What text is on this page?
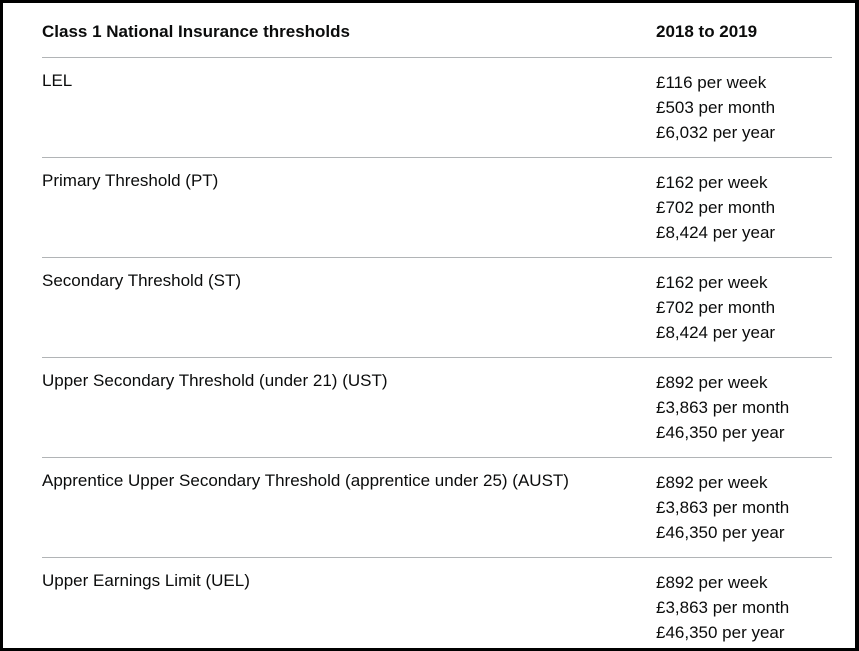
Class 1 National Insurance thresholds	2018 to 2019
LEL	£116 per week
£503 per month
£6,032 per year
Primary Threshold (PT)	£162 per week
£702 per month
£8,424 per year
Secondary Threshold (ST)	£162 per week
£702 per month
£8,424 per year
Upper Secondary Threshold (under 21) (UST)	£892 per week
£3,863 per month
£46,350 per year
Apprentice Upper Secondary Threshold (apprentice under 25) (AUST)	£892 per week
£3,863 per month
£46,350 per year
Upper Earnings Limit (UEL)	£892 per week
£3,863 per month
£46,350 per year
